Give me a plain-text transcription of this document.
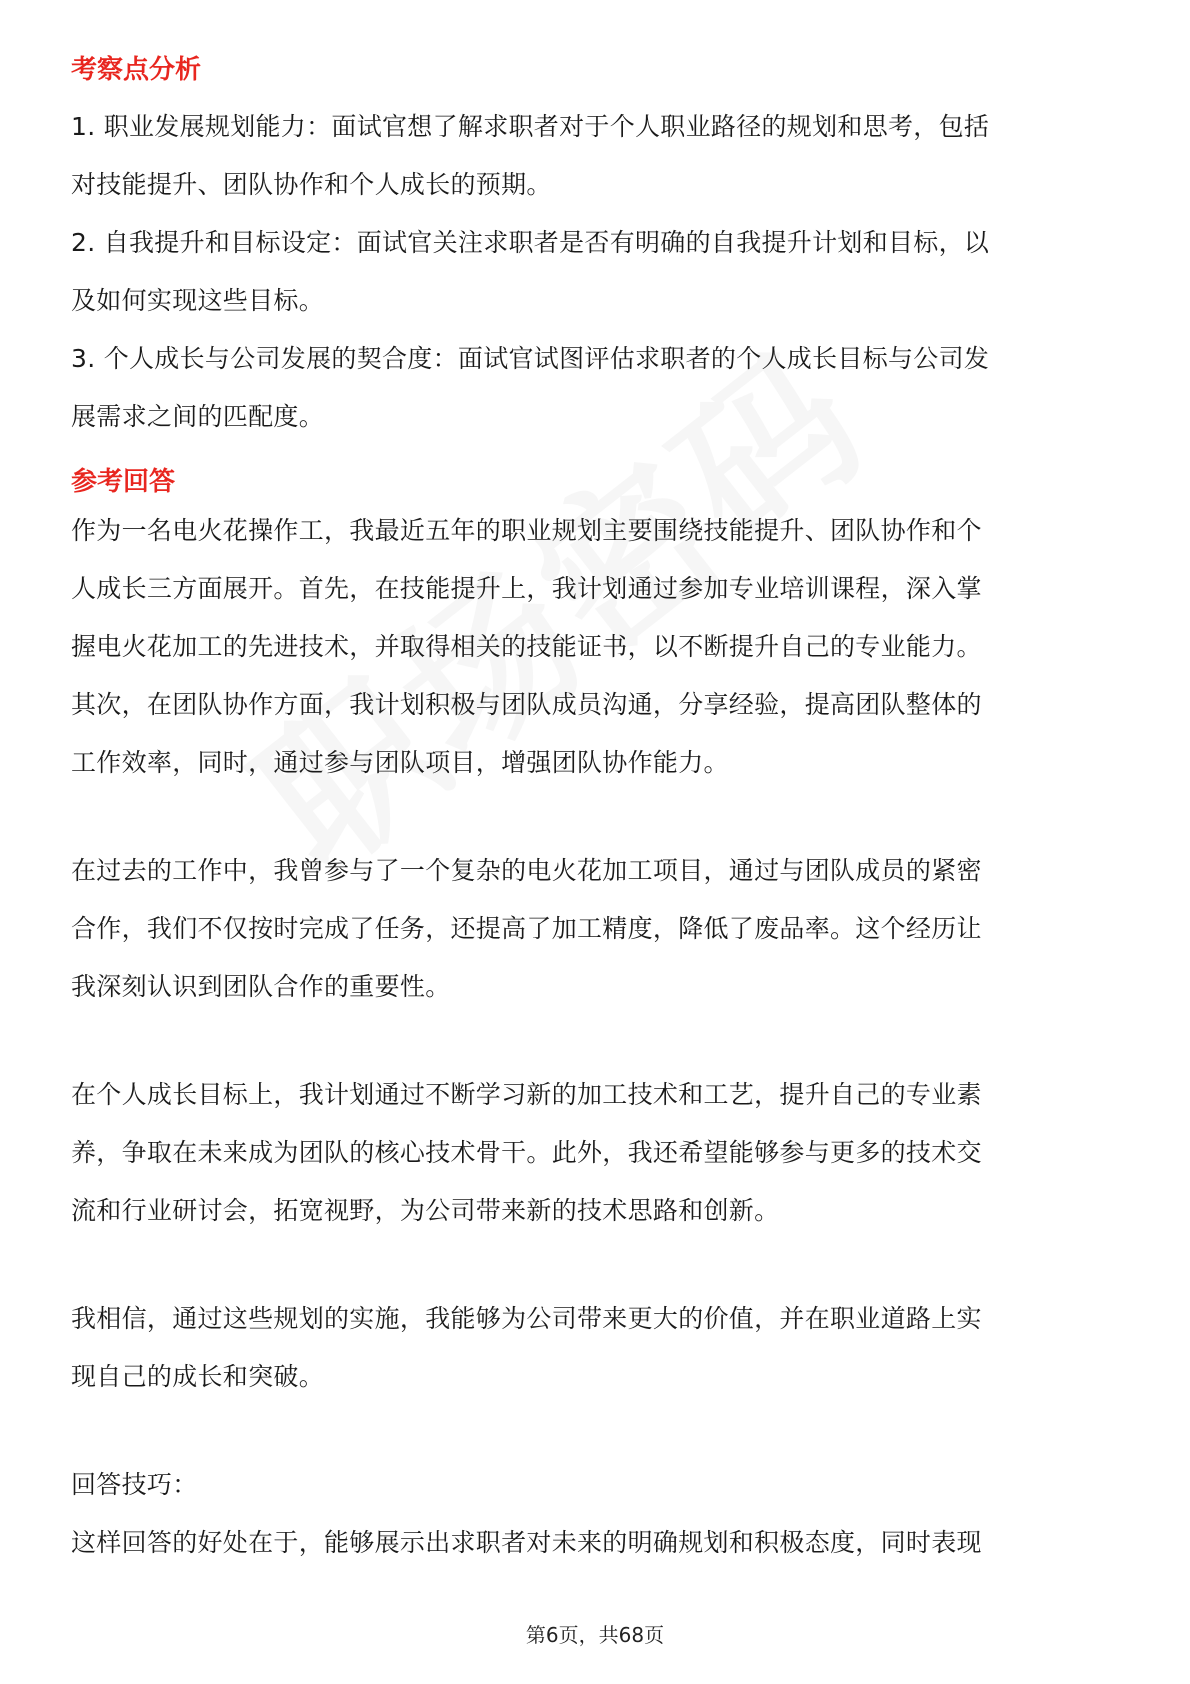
考察点分析

1. 职业发展规划能力：面试官想了解求职者对于个人职业路径的规划和思考，包括

对技能提升、团队协作和个人成长的预期。

2. 自我提升和目标设定：面试官关注求职者是否有明确的自我提升计划和目标，以

及如何实现这些目标。

3. 个人成长与公司发展的契合度：面试官试图评估求职者的个人成长目标与公司发

展需求之间的匹配度。

参考回答

作为一名电火花操作工，我最近五年的职业规划主要围绕技能提升、团队协作和个

人成长三方面展开。首先，在技能提升上，我计划通过参加专业培训课程，深入掌

握电火花加工的先进技术，并取得相关的技能证书，以不断提升自己的专业能力。

其次，在团队协作方面，我计划积极与团队成员沟通，分享经验，提高团队整体的

工作效率，同时，通过参与团队项目，增强团队协作能力。

在过去的工作中，我曾参与了一个复杂的电火花加工项目，通过与团队成员的紧密

合作，我们不仅按时完成了任务，还提高了加工精度，降低了废品率。这个经历让

我深刻认识到团队合作的重要性。

在个人成长目标上，我计划通过不断学习新的加工技术和工艺，提升自己的专业素

养，争取在未来成为团队的核心技术骨干。此外，我还希望能够参与更多的技术交

流和行业研讨会，拓宽视野，为公司带来新的技术思路和创新。

我相信，通过这些规划的实施，我能够为公司带来更大的价值，并在职业道路上实

现自己的成长和突破。

回答技巧：

这样回答的好处在于，能够展示出求职者对未来的明确规划和积极态度，同时表现

第6页，共68页
